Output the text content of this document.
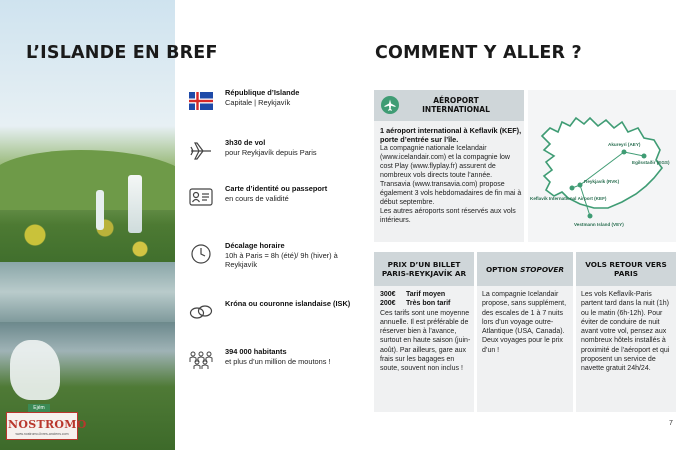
L’ISLANDE EN BREF	COMMENT Y ALLER ?
République d’Islande
Capitale | Reykjavík
3h30 de vol
pour Reykjavík depuis Paris
Carte d’identité ou passeport
en cours de validité
Décalage horaire
10h à Paris = 8h (été)/ 9h (hiver) à Reykjavík
Króna ou couronne islandaise (ISK)
394 000 habitants
et plus d’un million de moutons !
AÉROPORT INTERNATIONAL
1 aéroport international à Keflavík (KEF), porte d’entrée sur l’île.
La compagnie nationale Icelandair (www.icelandair.com) et la compagnie low cost Play (www.flyplay.fr) assurent de nombreux vols directs toute l’année. Transavia (www.transavia.com) propose également 3 vols hebdomadaires de fin mai à début septembre.
Les autres aéroports sont réservés aux vols intérieurs.
Akureyri (AEY)
Egilsstaðir (EGS)
Reykjavík (RVK)
Keflavík International Airport (KEF)
Vestmann Island (VEY)
PRIX D’UN BILLET PARIS-REYKJAVÍK AR
300€ Tarif moyen
200€ Très bon tarif
Ces tarifs sont une moyenne annuelle. Il est préférable de réserver bien à l’avance, surtout en haute saison (juin-août). Par ailleurs, gare aux frais sur les bagages en soute, souvent non inclus !
OPTION
STOPOVER
La compagnie Icelandair propose, sans supplément, des escales de 1 à 7 nuits lors d’un voyage outre-Atlantique (USA, Canada). Deux voyages pour le prix d’un !
VOLS RETOUR VERS PARIS
Les vols Keflavík-Paris partent tard dans la nuit (1h) ou le matin (6h-12h). Pour éviter de conduire de nuit avant votre vol, pensez aux nombreux hôtels installés à proximité de l’aéroport et qui proposent un service de navette gratuit 24h/24.
7
Ejém
NOSTROMO
www.nostromo-livres-anciens.com
